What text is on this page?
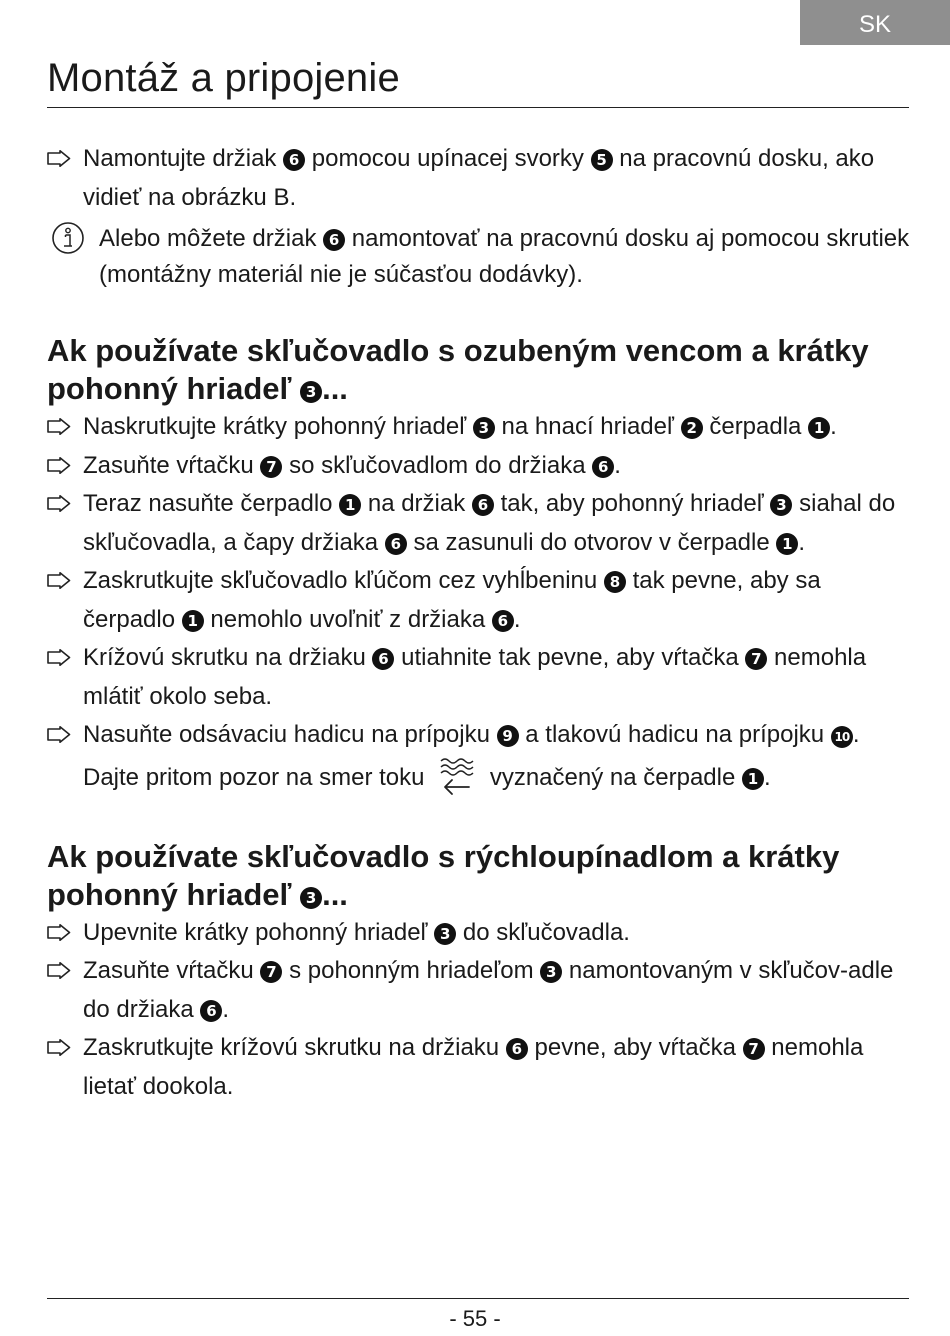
SK
Montáž a pripojenie

Namontujte držiak 6 pomocou upínacej svorky 5 na pracovnú dosku, ako vidieť na obrázku B.

Alebo môžete držiak 6 namontovať na pracovnú dosku aj pomocou skrutiek (montážny materiál nie je súčasťou dodávky).

Ak používate skľučovadlo s ozubeným vencom a krátky pohonný hriadeľ 3 ...

Naskrutkujte krátky pohonný hriadeľ 3 na hnací hriadeľ 2 čerpadla 1 .

Zasuňte vŕtačku 7 so skľučovadlom do držiaka 6 .

Teraz nasuňte čerpadlo 1 na držiak 6 tak, aby pohonný hriadeľ 3 siahal do skľučovadla, a čapy držiaka 6 sa zasunuli do otvorov v čerpadle 1 .

Zaskrutkujte skľučovadlo kľúčom cez vyhĺbeninu 8 tak pevne, aby sa čerpadlo 1 nemohlo uvoľniť z držiaka 6 .

Krížovú skrutku na držiaku 6 utiahnite tak pevne, aby vŕtačka 7 nemohla mlátiť okolo seba.

Nasuňte odsávaciu hadicu na prípojku 9 a tlakovú hadicu na prípojku 10 .
Dajte pritom pozor na smer toku	vyznačený na čerpadle 1 .

Ak používate skľučovadlo s rýchloupínadlom a krátky pohonný hriadeľ 3 ...

Upevnite krátky pohonný hriadeľ 3 do skľučovadla.

Zasuňte vŕtačku 7 s pohonným hriadeľom 3 namontovaným v skľučov-adle do držiaka 6 .

Zaskrutkujte krížovú skrutku na držiaku 6 pevne, aby vŕtačka 7 nemohla lietať dookola.

- 55 -
